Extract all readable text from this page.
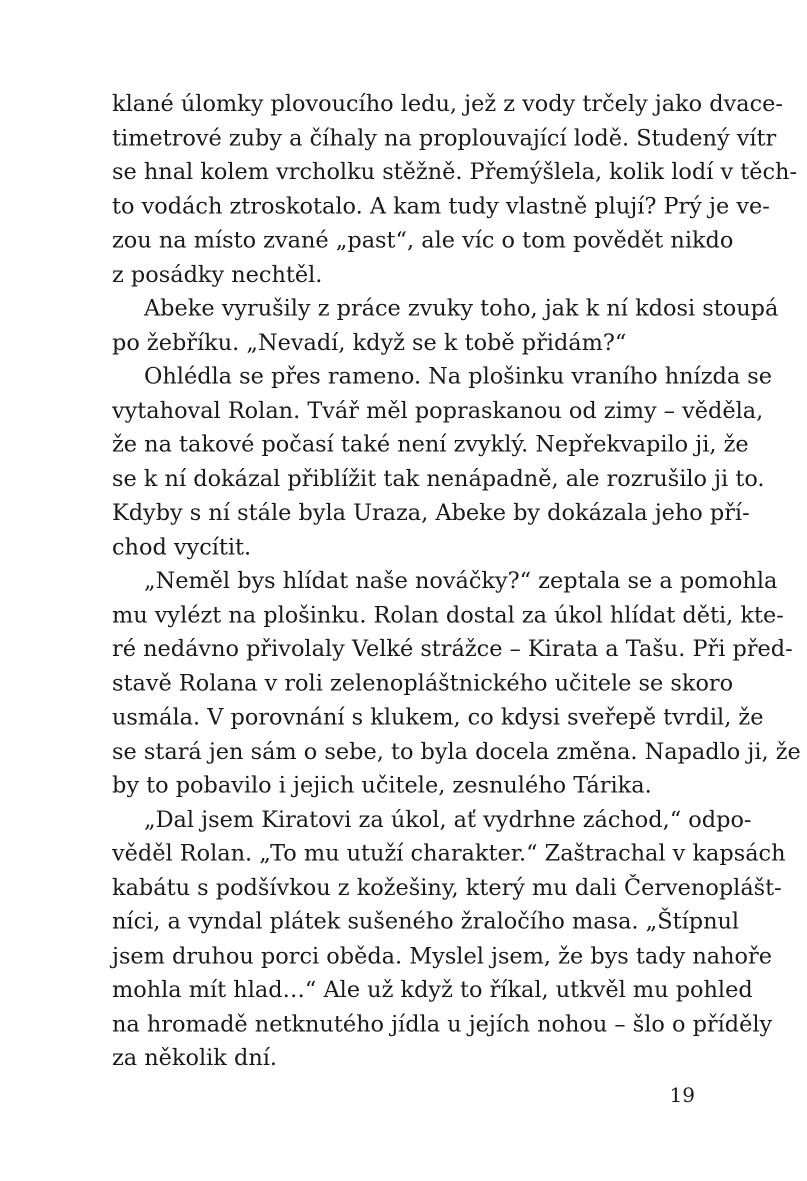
klané úlomky plovoucího ledu, jež z vody trčely jako dvace-
timetrové zuby a číhaly na proplouvající lodě. Studený vítr
se hnal kolem vrcholku stěžně. Přemýšlela, kolik lodí v těch-
to vodách ztroskotalo. A kam tudy vlastně plují? Prý je ve-
zou na místo zvané „past“, ale víc o tom povědět nikdo
z posádky nechtěl.
Abeke vyrušily z práce zvuky toho, jak k ní kdosi stoupá
po žebříku. „Nevadí, když se k tobě přidám?“
Ohlédla se přes rameno. Na plošinku vraního hnízda se
vytahoval Rolan. Tvář měl popraskanou od zimy – věděla,
že na takové počasí také není zvyklý. Nepřekvapilo ji, že
se k ní dokázal přiblížit tak nenápadně, ale rozrušilo ji to.
Kdyby s ní stále byla Uraza, Abeke by dokázala jeho pří-
chod vycítit.
„Neměl bys hlídat naše nováčky?“ zeptala se a pomohla
mu vylézt na plošinku. Rolan dostal za úkol hlídat děti, kte-
ré nedávno přivolaly Velké strážce – Kirata a Tašu. Při před-
stavě Rolana v roli zelenopláštnického učitele se skoro
usmála. V porovnání s klukem, co kdysi sveřepě tvrdil, že
se stará jen sám o sebe, to byla docela změna. Napadlo ji, že
by to pobavilo i jejich učitele, zesnulého Tárika.
„Dal jsem Kiratovi za úkol, ať vydrhne záchod,“ odpo-
věděl Rolan. „To mu utuží charakter.“ Zaštrachal v kapsách
kabátu s podšívkou z kožešiny, který mu dali Červenoplášt-
níci, a vyndal plátek sušeného žraločího masa. „Štípnul
jsem druhou porci oběda. Myslel jsem, že bys tady nahoře
mohla mít hlad…“ Ale už když to říkal, utkvěl mu pohled
na hromadě netknutého jídla u jejích nohou – šlo o příděly
za několik dní.
19
